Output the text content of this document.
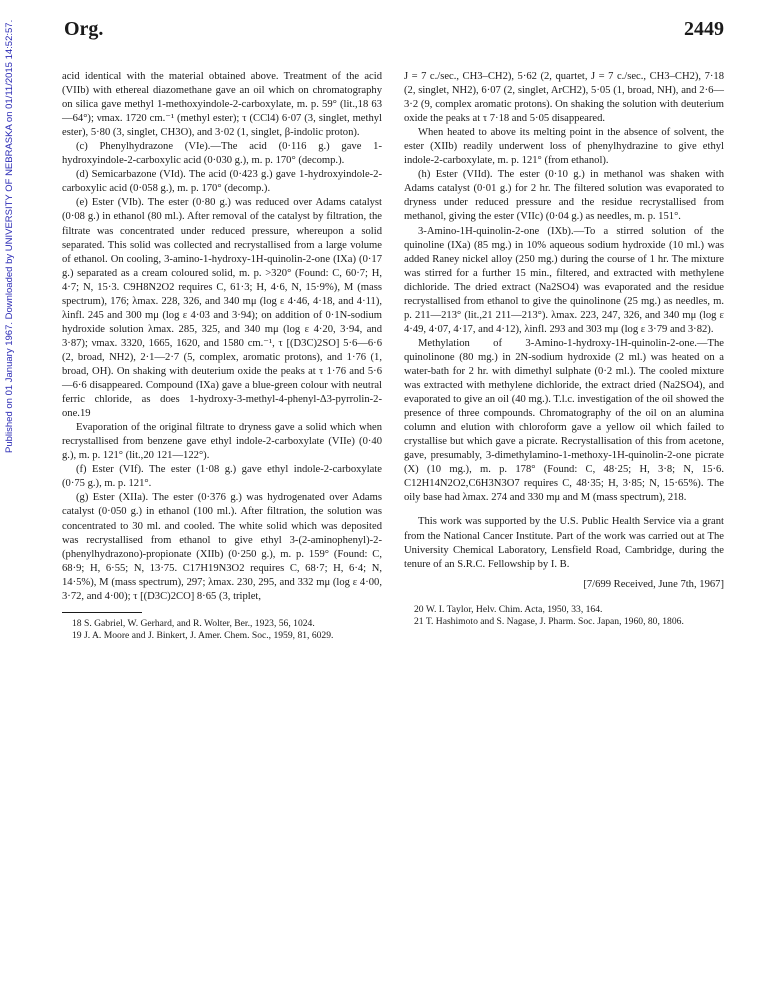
Published on 01 January 1967. Downloaded by UNIVERSITY OF NEBRASKA on 01/11/2015 14:52:57. Org.	2449

acid identical with the material obtained above. Treatment of the acid (VIIb) with ethereal diazomethane gave an oil which on chromatography on silica gave methyl 1-methoxyindole-2-carboxylate, m. p. 59° (lit.,18 63—64°); νmax. 1720 cm.⁻¹ (methyl ester); τ (CCl4) 6·07 (3, singlet, methyl ester), 5·80 (3, singlet, CH3O), and 3·02 (1, singlet, β-indolic proton).

(c) Phenylhydrazone (VIe).—The acid (0·116 g.) gave 1-hydroxyindole-2-carboxylic acid (0·030 g.), m. p. 170° (decomp.).

(d) Semicarbazone (VId). The acid (0·423 g.) gave 1-hydroxyindole-2-carboxylic acid (0·058 g.), m. p. 170° (decomp.).

(e) Ester (VIb). The ester (0·80 g.) was reduced over Adams catalyst (0·08 g.) in ethanol (80 ml.). After removal of the catalyst by filtration, the filtrate was concentrated under reduced pressure, whereupon a solid separated. This solid was collected and recrystallised from a large volume of ethanol. On cooling, 3-amino-1-hydroxy-1H-quinolin-2-one (IXa) (0·17 g.) separated as a cream coloured solid, m. p. >320° (Found: C, 60·7; H, 4·7; N, 15·3. C9H8N2O2 requires C, 61·3; H, 4·6, N, 15·9%), M (mass spectrum), 176; λmax. 228, 326, and 340 mμ (log ε 4·46, 4·18, and 4·11), λinfl. 245 and 300 mμ (log ε 4·03 and 3·94); on addition of 0·1N-sodium hydroxide solution λmax. 285, 325, and 340 mμ (log ε 4·20, 3·94, and 3·87); νmax. 3320, 1665, 1620, and 1580 cm.⁻¹, τ [(D3C)2SO] 5·6—6·6 (2, broad, NH2), 2·1—2·7 (5, complex, aromatic protons), and 1·76 (1, broad, OH). On shaking with deuterium oxide the peaks at τ 1·76 and 5·6—6·6 disappeared. Compound (IXa) gave a blue-green colour with neutral ferric chloride, as does 1-hydroxy-3-methyl-4-phenyl-Δ3-pyrrolin-2-one.19

Evaporation of the original filtrate to dryness gave a solid which when recrystallised from benzene gave ethyl indole-2-carboxylate (VIIe) (0·40 g.), m. p. 121° (lit.,20 121—122°).

(f) Ester (VIf). The ester (1·08 g.) gave ethyl indole-2-carboxylate (0·75 g.), m. p. 121°.

(g) Ester (XIIa). The ester (0·376 g.) was hydrogenated over Adams catalyst (0·050 g.) in ethanol (100 ml.). After filtration, the solution was concentrated to 30 ml. and cooled. The white solid which was deposited was recrystallised from ethanol to give ethyl 3-(2-aminophenyl)-2-(phenylhydrazono)-propionate (XIIb) (0·250 g.), m. p. 159° (Found: C, 68·9; H, 6·55; N, 13·75. C17H19N3O2 requires C, 68·7; H, 6·4; N, 14·5%), M (mass spectrum), 297; λmax. 230, 295, and 332 mμ (log ε 4·00, 3·72, and 4·00); τ [(D3C)2CO] 8·65 (3, triplet,

18 S. Gabriel, W. Gerhard, and R. Wolter, Ber., 1923, 56, 1024.

19 J. A. Moore and J. Binkert, J. Amer. Chem. Soc., 1959, 81, 6029.

J = 7 c./sec., CH3–CH2), 5·62 (2, quartet, J = 7 c./sec., CH3–CH2), 7·18 (2, singlet, NH2), 6·07 (2, singlet, ArCH2), 5·05 (1, broad, NH), and 2·6—3·2 (9, complex aromatic protons). On shaking the solution with deuterium oxide the peaks at τ 7·18 and 5·05 disappeared.

When heated to above its melting point in the absence of solvent, the ester (XIIb) readily underwent loss of phenylhydrazine to give ethyl indole-2-carboxylate, m. p. 121° (from ethanol).

(h) Ester (VIId). The ester (0·10 g.) in methanol was shaken with Adams catalyst (0·01 g.) for 2 hr. The filtered solution was evaporated to dryness under reduced pressure and the residue recrystallised from methanol, giving the ester (VIIc) (0·04 g.) as needles, m. p. 151°.

3-Amino-1H-quinolin-2-one (IXb).—To a stirred solution of the quinoline (IXa) (85 mg.) in 10% aqueous sodium hydroxide (10 ml.) was added Raney nickel alloy (250 mg.) during the course of 1 hr. The mixture was stirred for a further 15 min., filtered, and extracted with methylene dichloride. The dried extract (Na2SO4) was evaporated and the residue recrystallised from ethanol to give the quinolinone (25 mg.) as needles, m. p. 211—213° (lit.,21 211—213°). λmax. 223, 247, 326, and 340 mμ (log ε 4·49, 4·07, 4·17, and 4·12), λinfl. 293 and 303 mμ (log ε 3·79 and 3·82).

Methylation of 3-Amino-1-hydroxy-1H-quinolin-2-one.—The quinolinone (80 mg.) in 2N-sodium hydroxide (2 ml.) was heated on a water-bath for 2 hr. with dimethyl sulphate (0·2 ml.). The cooled mixture was extracted with methylene dichloride, the extract dried (Na2SO4), and evaporated to give an oil (40 mg.). T.l.c. investigation of the oil showed the presence of three compounds. Chromatography of the oil on an alumina column and elution with chloroform gave a yellow oil which failed to crystallise but which gave a picrate. Recrystallisation of this from acetone, gave, presumably, 3-dimethylamino-1-methoxy-1H-quinolin-2-one picrate (X) (10 mg.), m. p. 178° (Found: C, 48·25; H, 3·8; N, 15·6. C12H14N2O2,C6H3N3O7 requires C, 48·35; H, 3·85; N, 15·65%). The oily base had λmax. 274 and 330 mμ and M (mass spectrum), 218.

This work was supported by the U.S. Public Health Service via a grant from the National Cancer Institute. Part of the work was carried out at The University Chemical Laboratory, Lensfield Road, Cambridge, during the tenure of an S.R.C. Fellowship by I. B.

[7/699 Received, June 7th, 1967]

20 W. I. Taylor, Helv. Chim. Acta, 1950, 33, 164.

21 T. Hashimoto and S. Nagase, J. Pharm. Soc. Japan, 1960, 80, 1806.
